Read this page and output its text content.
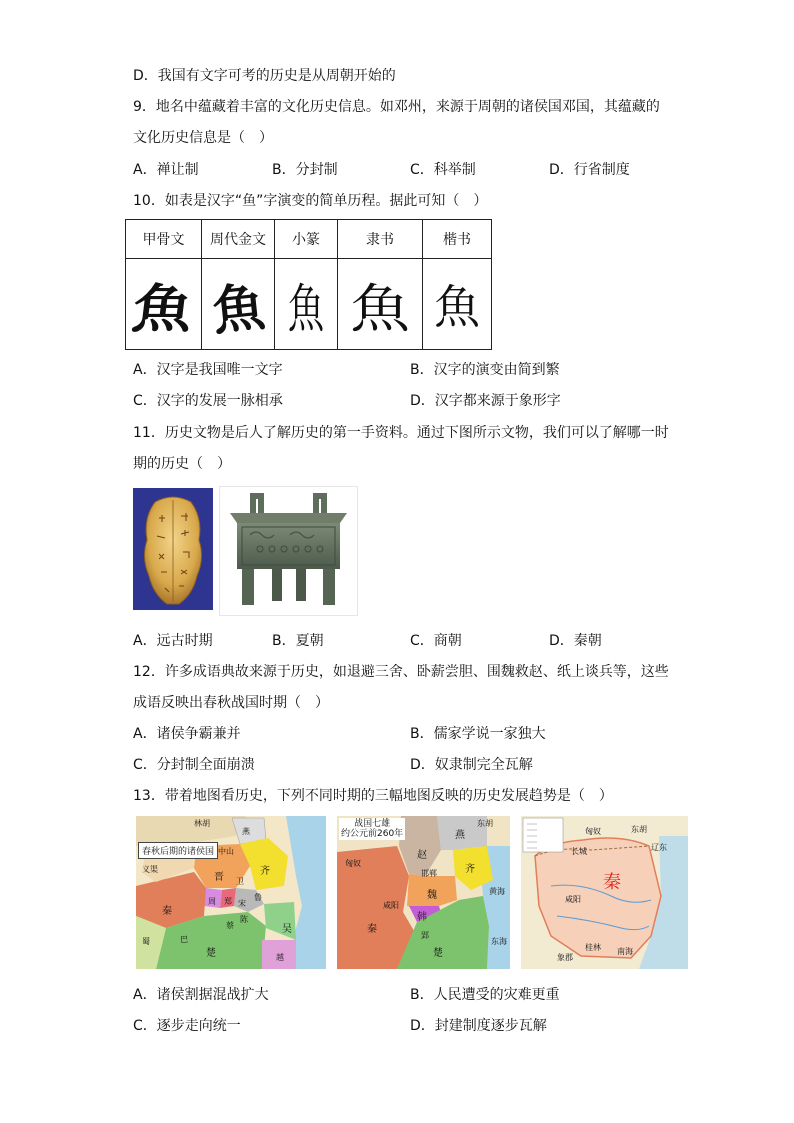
D．我国有文字可考的历史是从周朝开始的
9．地名中蕴藏着丰富的文化历史信息。如邓州，来源于周朝的诸侯国邓国，其蕴藏的
文化历史信息是（　）
A．禅让制	B．分封制	C．科举制	D．行省制度
10．如表是汉字“鱼”字演变的简单历程。据此可知（　）
甲骨文	周代金文	小篆	隶书	楷书
魚	魚	魚	魚	魚
A．汉字是我国唯一文字	B．汉字的演变由简到繁
C．汉字的发展一脉相承	D．汉字都来源于象形字
11．历史文物是后人了解历史的第一手资料。通过下图所示文物，我们可以了解哪一时
期的历史（　）
A．远古时期	B．夏朝	C．商朝	D．秦朝
12．许多成语典故来源于历史，如退避三舍、卧薪尝胆、围魏救赵、纸上谈兵等，这些
成语反映出春秋战国时期（　）
A．诸侯争霸兼并	B．儒家学说一家独大
C．分封制全面崩溃	D．奴隶制完全瓦解
13．带着地图看历史，下列不同时期的三幅地图反映的历史发展趋势是（　）
春秋后期的诸侯国
林胡
燕
中山
齐
晋 卫
鲁
宋
秦
周 郑
陈
蔡
楚
吴
越
义渠
巴
蜀
战国七雄
约公元前260年	燕
赵
齐
魏
韩
秦
楚
匈奴
东胡
黄海
东海
邯郸
咸阳
郢
秦
匈奴	东胡
辽东
咸阳
长城
桂林 南海
象郡
A．诸侯割据混战扩大	B．人民遭受的灾难更重
C．逐步走向统一	D．封建制度逐步瓦解
